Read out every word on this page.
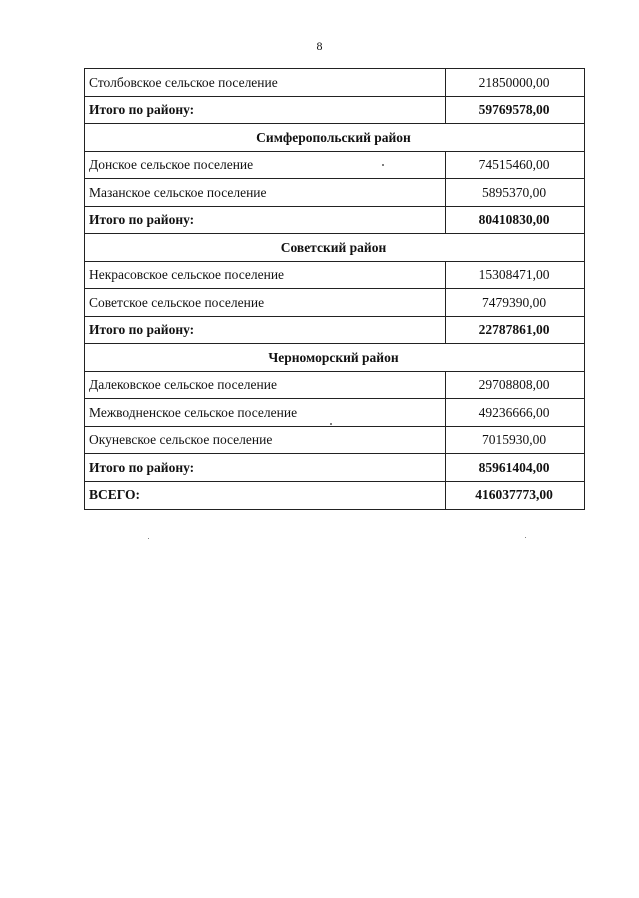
8
Столбовское сельское поселение	21850000,00
Итого по району:	59769578,00
Симферопольский район	
Донское сельское поселение	74515460,00
Мазанское сельское поселение	5895370,00
Итого по району:	80410830,00
Советский район	
Некрасовское сельское поселение	15308471,00
Советское сельское поселение	7479390,00
Итого по району:	22787861,00
Черноморский район	
Далековское сельское поселение	29708808,00
Межводненское сельское поселение	49236666,00
Окуневское сельское поселение	7015930,00
Итого по району:	85961404,00
ВСЕГО:	416037773,00
